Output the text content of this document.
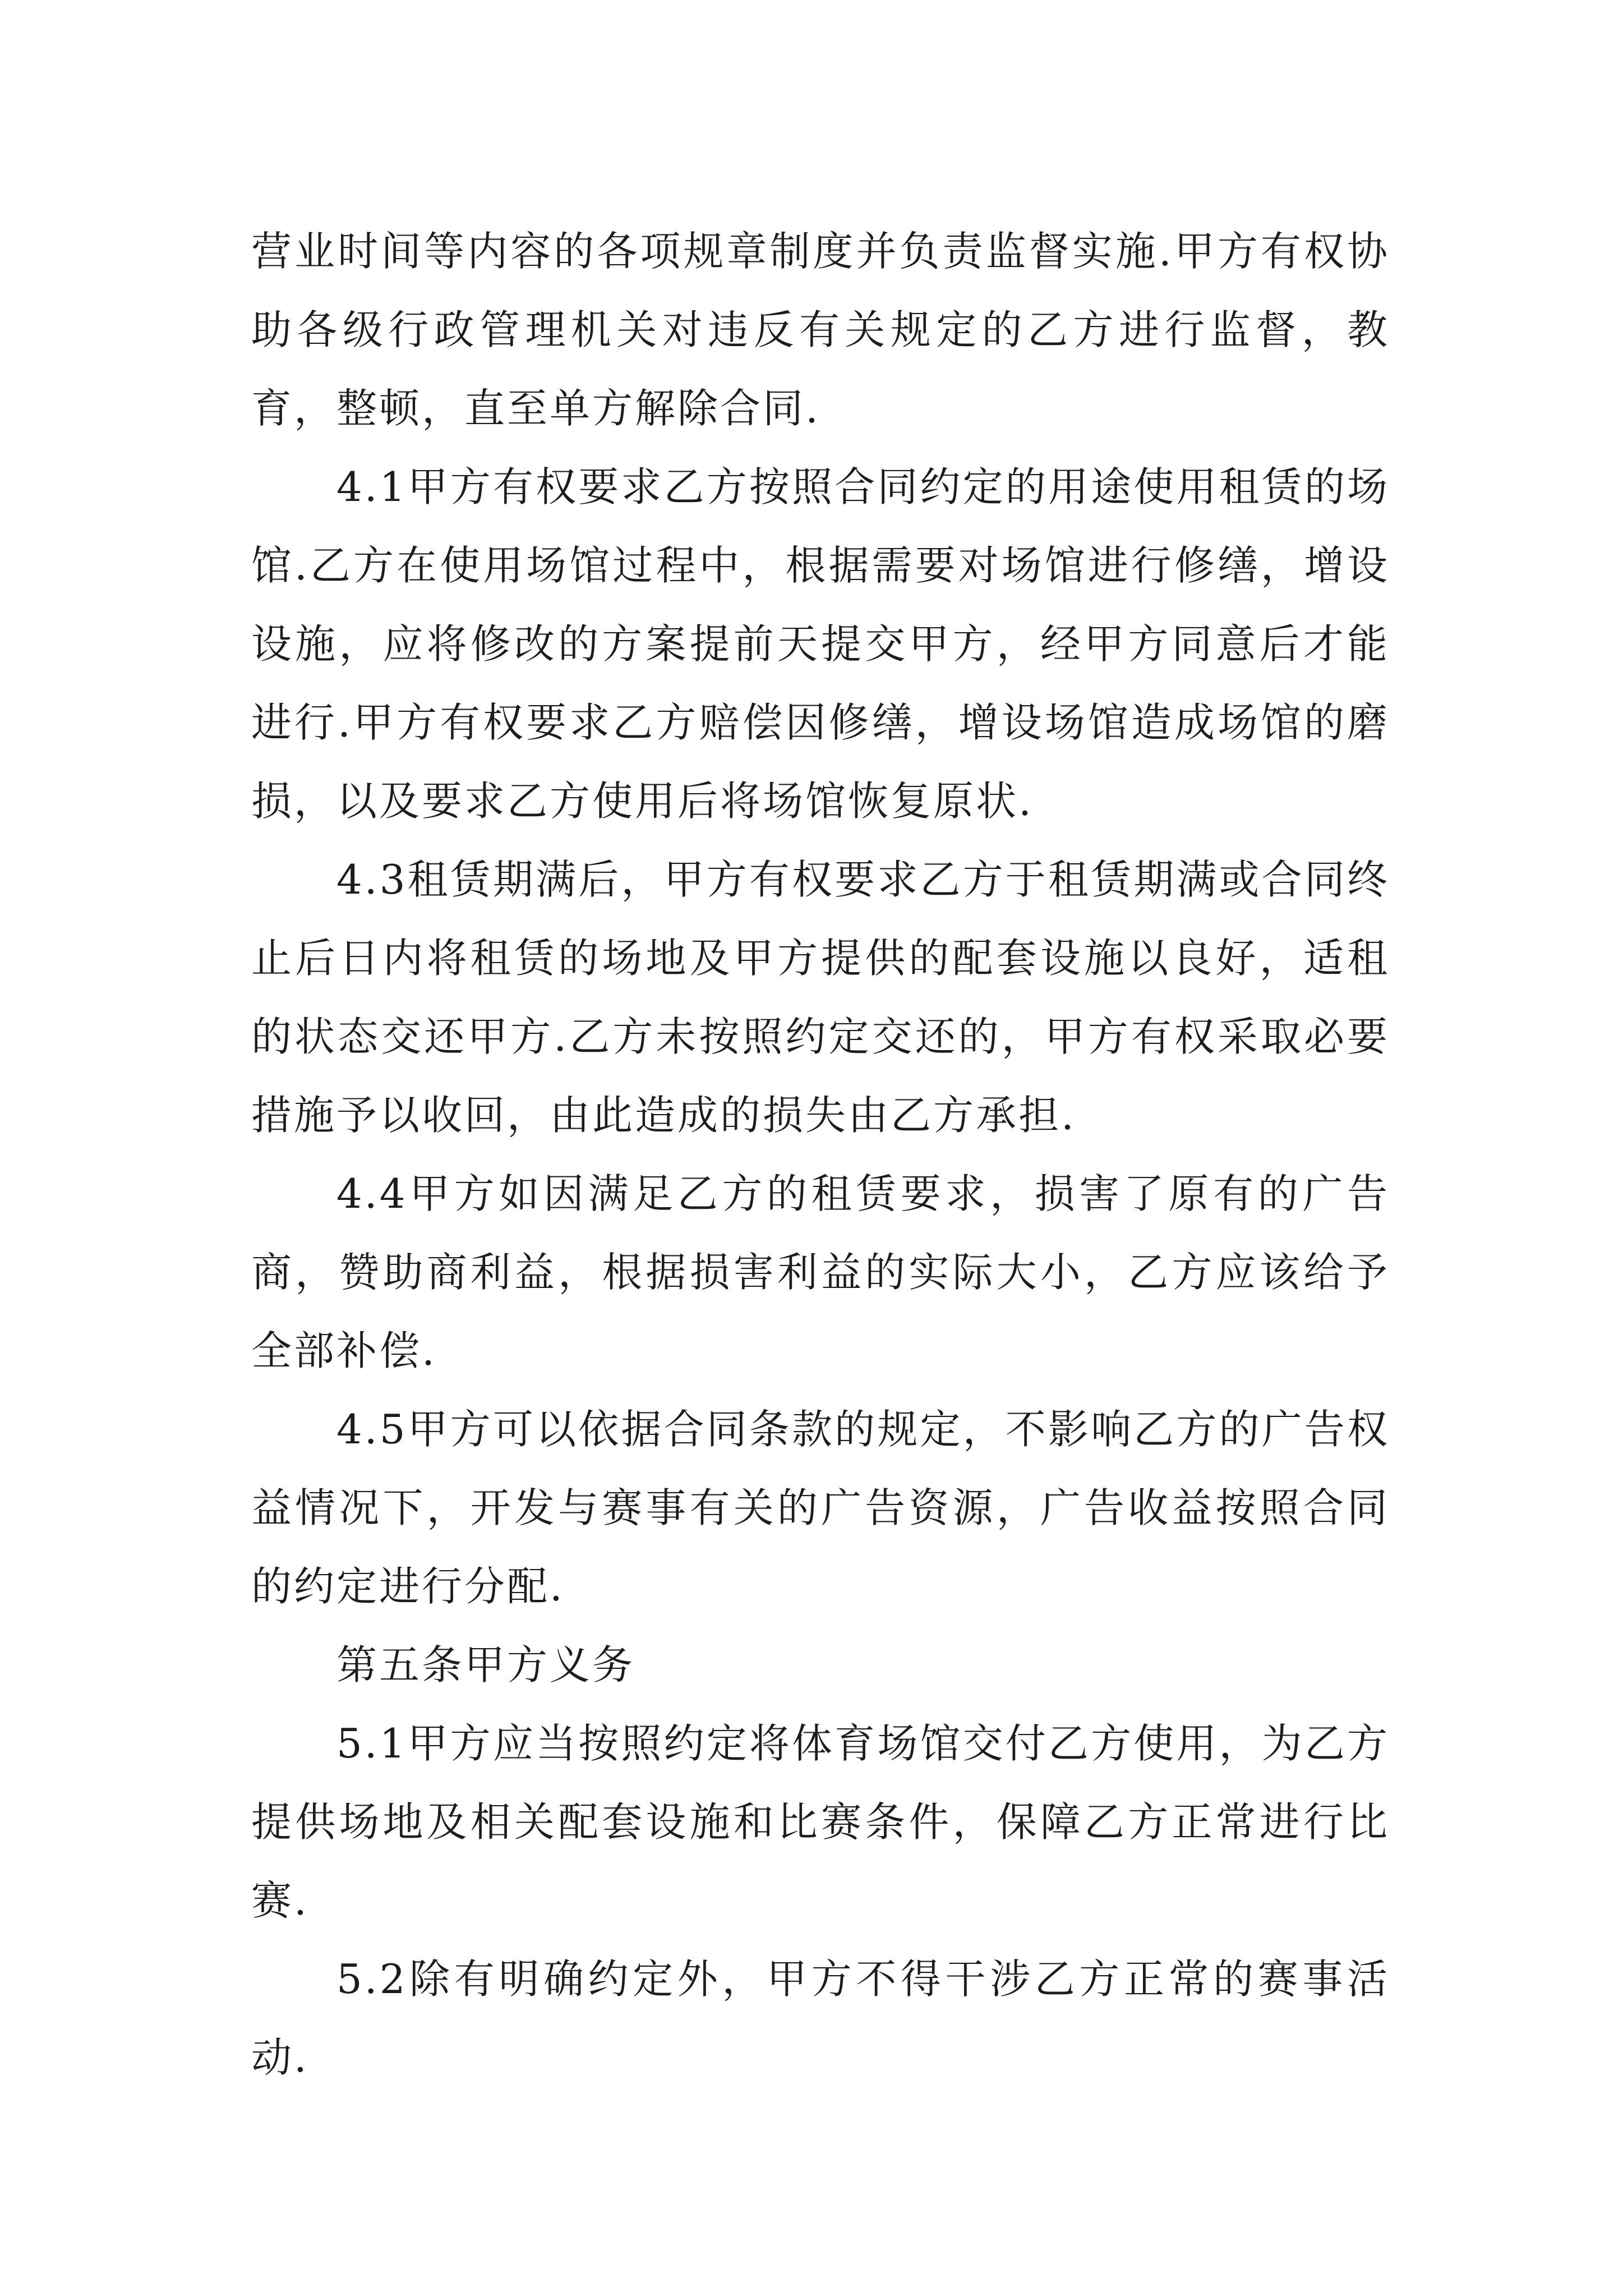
营业时间等内容的各项规章制度并负责监督实施.甲方有权协助各级行政管理机关对违反有关规定的乙方进行监督，教育，整顿，直至单方解除合同.

4.1甲方有权要求乙方按照合同约定的用途使用租赁的场馆.乙方在使用场馆过程中，根据需要对场馆进行修缮，增设设施，应将修改的方案提前天提交甲方，经甲方同意后才能进行.甲方有权要求乙方赔偿因修缮，增设场馆造成场馆的磨损，以及要求乙方使用后将场馆恢复原状.

4.3租赁期满后，甲方有权要求乙方于租赁期满或合同终止后日内将租赁的场地及甲方提供的配套设施以良好，适租的状态交还甲方.乙方未按照约定交还的，甲方有权采取必要措施予以收回，由此造成的损失由乙方承担.

4.4甲方如因满足乙方的租赁要求，损害了原有的广告商，赞助商利益，根据损害利益的实际大小，乙方应该给予全部补偿.

4.5甲方可以依据合同条款的规定，不影响乙方的广告权益情况下，开发与赛事有关的广告资源，广告收益按照合同的约定进行分配.

第五条甲方义务

5.1甲方应当按照约定将体育场馆交付乙方使用，为乙方提供场地及相关配套设施和比赛条件，保障乙方正常进行比赛.

5.2除有明确约定外，甲方不得干涉乙方正常的赛事活动.
